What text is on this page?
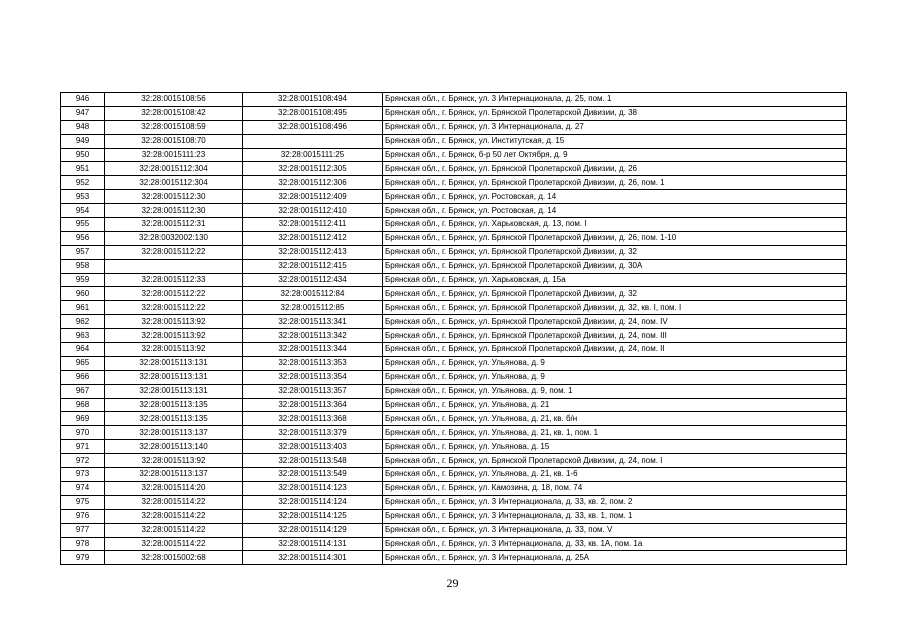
946	32:28:0015108:56	32:28:0015108:494	Брянская обл., г. Брянск, ул. 3 Интернационала, д. 25, пом. 1
947	32:28:0015108:42	32:28:0015108:495	Брянская обл., г. Брянск, ул. Брянской Пролетарской Дивизии, д. 38
948	32:28:0015108:59	32:28:0015108:496	Брянская обл., г. Брянск, ул. 3 Интернационала, д. 27
949	32:28:0015108:70		Брянская обл., г. Брянск, ул. Институтская, д. 15
950	32:28:0015111:23	32:28:0015111:25	Брянская обл., г. Брянск, б-р 50 лет Октября, д. 9
951	32:28:0015112:304	32:28:0015112:305	Брянская обл., г. Брянск, ул. Брянской Пролетарской Дивизии, д. 26
952	32:28:0015112:304	32:28:0015112:306	Брянская обл., г. Брянск, ул. Брянской Пролетарской Дивизии, д. 26, пом. 1
953	32:28:0015112:30	32:28:0015112:409	Брянская обл., г. Брянск, ул. Ростовская, д. 14
954	32:28:0015112:30	32:28:0015112:410	Брянская обл., г. Брянск, ул. Ростовская, д. 14
955	32:28:0015112:31	32:28:0015112:411	Брянская обл., г. Брянск, ул. Харьковская, д. 13, пом. I
956	32:28:0032002:130	32:28:0015112:412	Брянская обл., г. Брянск, ул. Брянской Пролетарской Дивизии, д. 26, пом. 1-10
957	32:28:0015112:22	32:28:0015112:413	Брянская обл., г. Брянск, ул. Брянской Пролетарской Дивизии, д. 32
958		32:28:0015112:415	Брянская обл., г. Брянск, ул. Брянской Пролетарской Дивизии, д. 30А
959	32:28:0015112:33	32:28:0015112:434	Брянская обл., г. Брянск, ул. Харьковская, д. 15а
960	32:28:0015112:22	32:28:0015112:84	Брянская обл., г. Брянск, ул. Брянской Пролетарской Дивизии, д. 32
961	32:28:0015112:22	32:28:0015112:85	Брянская обл., г. Брянск, ул. Брянской Пролетарской Дивизии, д. 32, кв. I, пом. I
962	32:28:0015113:92	32:28:0015113:341	Брянская обл., г. Брянск, ул. Брянской Пролетарской Дивизии, д. 24, пом. IV
963	32:28:0015113:92	32:28:0015113:342	Брянская обл., г. Брянск, ул. Брянской Пролетарской Дивизии, д. 24, пом. III
964	32:28:0015113:92	32:28:0015113:344	Брянская обл., г. Брянск, ул. Брянской Пролетарской Дивизии, д. 24, пом. II
965	32:28:0015113:131	32:28:0015113:353	Брянская обл., г. Брянск, ул. Ульянова, д. 9
966	32:28:0015113:131	32:28:0015113:354	Брянская обл., г. Брянск, ул. Ульянова, д. 9
967	32:28:0015113:131	32:28:0015113:357	Брянская обл., г. Брянск, ул. Ульянова, д. 9, пом. 1
968	32:28:0015113:135	32:28:0015113:364	Брянская обл., г. Брянск, ул. Ульянова, д. 21
969	32:28:0015113:135	32:28:0015113:368	Брянская обл., г. Брянск, ул. Ульянова, д. 21, кв. б/н
970	32:28:0015113:137	32:28:0015113:379	Брянская обл., г. Брянск, ул. Ульянова, д. 21, кв. 1, пом. 1
971	32:28:0015113:140	32:28:0015113:403	Брянская обл., г. Брянск, ул. Ульянова, д. 15
972	32:28:0015113:92	32:28:0015113:548	Брянская обл., г. Брянск, ул. Брянской Пролетарской Дивизии, д. 24, пом. I
973	32:28:0015113:137	32:28:0015113:549	Брянская обл., г. Брянск, ул. Ульянова, д. 21, кв. 1-6
974	32:28:0015114:20	32:28:0015114:123	Брянская обл., г. Брянск, ул. Камозина, д. 18, пом. 74
975	32:28:0015114:22	32:28:0015114:124	Брянская обл., г. Брянск, ул. 3 Интернационала, д. 33, кв. 2, пом. 2
976	32:28:0015114:22	32:28:0015114:125	Брянская обл., г. Брянск, ул. 3 Интернационала, д. 33, кв. 1, пом. 1
977	32:28:0015114:22	32:28:0015114:129	Брянская обл., г. Брянск, ул. 3 Интернационала, д. 33, пом. V
978	32:28:0015114:22	32:28:0015114:131	Брянская обл., г. Брянск, ул. 3 Интернационала, д. 33, кв. 1А, пом. 1а
979	32:28:0015002:68	32:28:0015114:301	Брянская обл., г. Брянск, ул. 3 Интернационала, д. 25А
29
